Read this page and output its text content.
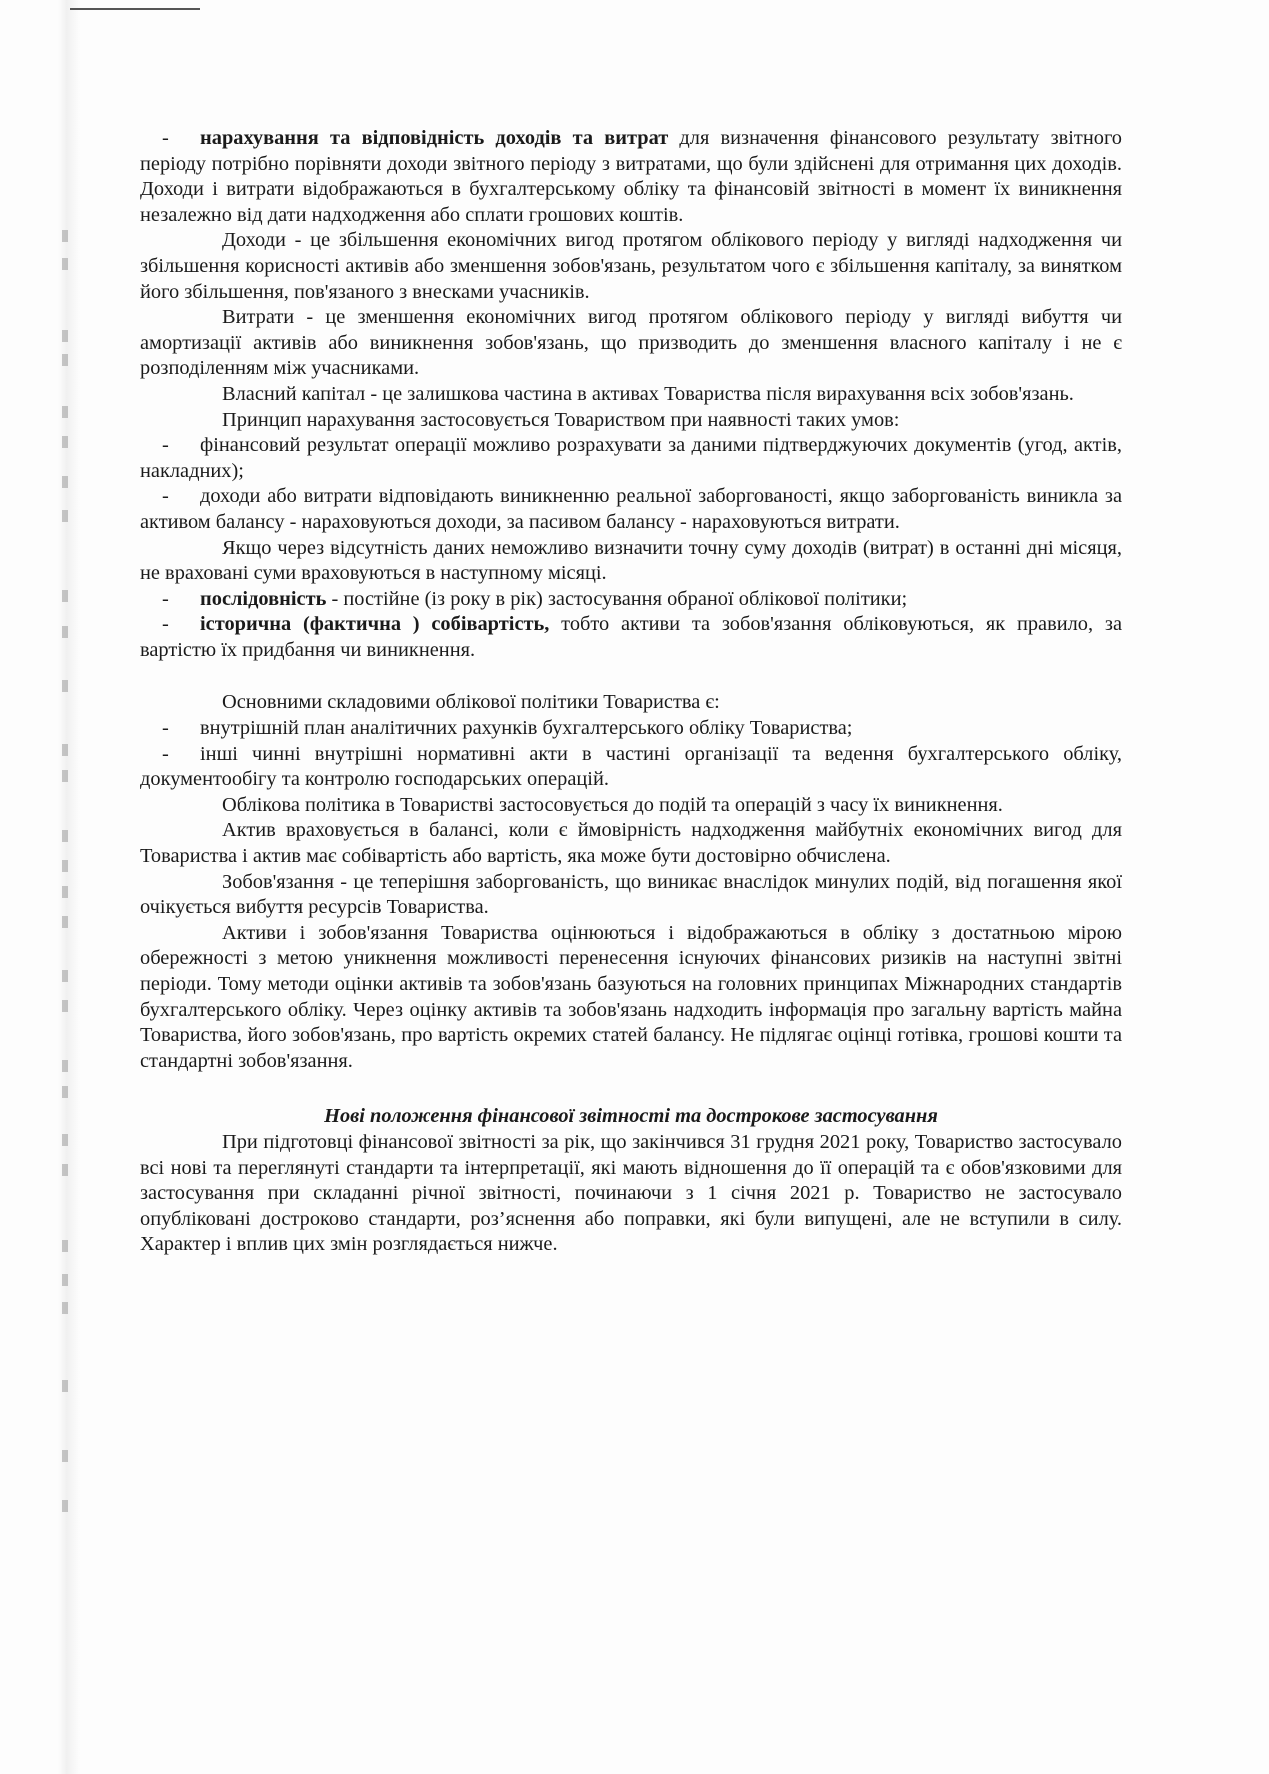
- нарахування та відповідність доходів та витрат для визначення фінансового результату звітного періоду потрібно порівняти доходи звітного періоду з витратами, що були здійснені для отримання цих доходів. Доходи і витрати відображаються в бухгалтерському обліку та фінансовій звітності в момент їх виникнення незалежно від дати надходження або сплати грошових коштів.

Доходи - це збільшення економічних вигод протягом облікового періоду у вигляді надходження чи збільшення корисності активів або зменшення зобов'язань, результатом чого є збільшення капіталу, за винятком його збільшення, пов'язаного з внесками учасників.

Витрати - це зменшення економічних вигод протягом облікового періоду у вигляді вибуття чи амортизації активів або виникнення зобов'язань, що призводить до зменшення власного капіталу і не є розподіленням між учасниками.

Власний капітал - це залишкова частина в активах Товариства після вирахування всіх зобов'язань.

Принцип нарахування застосовується Товариством при наявності таких умов:

- фінансовий результат операції можливо розрахувати за даними підтверджуючих документів (угод, актів, накладних);

- доходи або витрати відповідають виникненню реальної заборгованості, якщо заборгованість виникла за активом балансу - нараховуються доходи, за пасивом балансу - нараховуються витрати.

Якщо через відсутність даних неможливо визначити точну суму доходів (витрат) в останні дні місяця, не враховані суми враховуються в наступному місяці.

- послідовність - постійне (із року в рік) застосування обраної облікової політики;

- історична (фактична ) собівартість, тобто активи та зобов'язання обліковуються, як правило, за вартістю їх придбання чи виникнення.

Основними складовими облікової політики Товариства є:

- внутрішній план аналітичних рахунків бухгалтерського обліку Товариства;

- інші чинні внутрішні нормативні акти в частині організації та ведення бухгалтерського обліку, документообігу та контролю господарських операцій.

Облікова політика в Товаристві застосовується до подій та операцій з часу їх виникнення.

Актив враховується в балансі, коли є ймовірність надходження майбутніх економічних вигод для Товариства і актив має собівартість або вартість, яка може бути достовірно обчислена.

Зобов'язання - це теперішня заборгованість, що виникає внаслідок минулих подій, від погашення якої очікується вибуття ресурсів Товариства.

Активи і зобов'язання Товариства оцінюються і відображаються в обліку з достатньою мірою обережності з метою уникнення можливості перенесення існуючих фінансових ризиків на наступні звітні періоди. Тому методи оцінки активів та зобов'язань базуються на головних принципах Міжнародних стандартів бухгалтерського обліку. Через оцінку активів та зобов'язань надходить інформація про загальну вартість майна Товариства, його зобов'язань, про вартість окремих статей балансу. Не підлягає оцінці готівка, грошові кошти та стандартні зобов'язання.

Нові положення фінансової звітності та дострокове застосування

При підготовці фінансової звітності за рік, що закінчився 31 грудня 2021 року, Товариство застосувало всі нові та переглянуті стандарти та інтерпретації, які мають відношення до її операцій та є обов'язковими для застосування при складанні річної звітності, починаючи з 1 січня 2021 р. Товариство не застосувало опубліковані достроково стандарти, роз’яснення або поправки, які були випущені, але не вступили в силу. Характер і вплив цих змін розглядається нижче.
